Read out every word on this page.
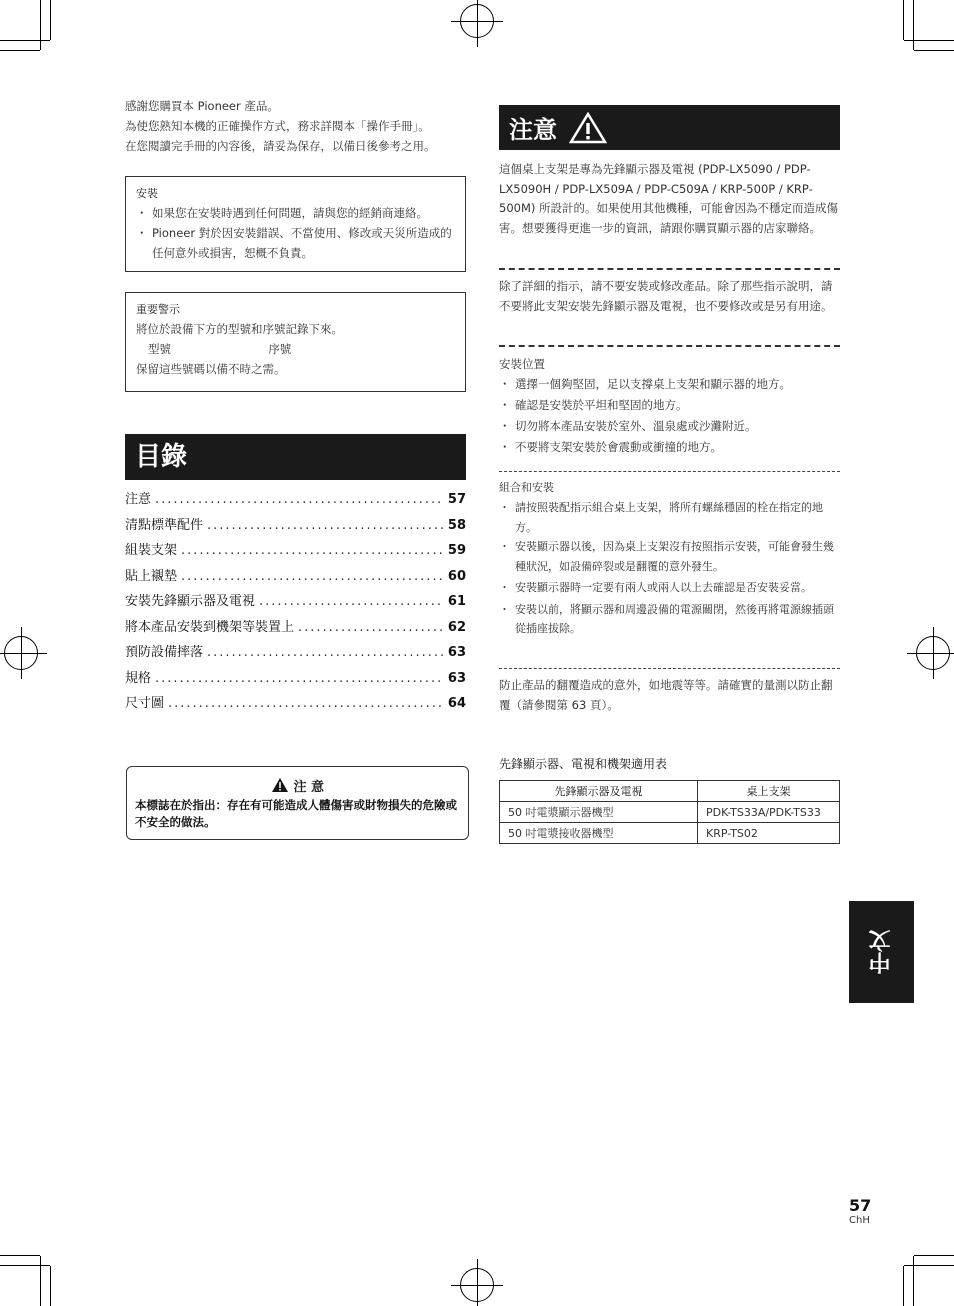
感謝您購買本 Pioneer 產品。
為使您熟知本機的正確操作方式，務求詳閱本「操作手冊」。
在您閱讀完手冊的內容後，請妥為保存，以備日後參考之用。
安裝
・ 如果您在安裝時遇到任何問題，請與您的經銷商連絡。
・ Pioneer 對於因安裝錯誤、不當使用、修改或天災所造成的任何意外或損害，恕概不負責。
重要警示
將位於設備下方的型號和序號記錄下來。
型號	序號
保留這些號碼以備不時之需。
目錄
注意 .....	57
清點標準配件 .....	58
組裝支架 .....	59
貼上襯墊 .....	60
安裝先鋒顯示器及電視 .....	61
將本產品安裝到機架等裝置上 .....	62
預防設備摔落 .....	63
規格 .....	63
尺寸圖 .....	64
注 意
本標誌在於指出：存在有可能造成人體傷害或財物損失的危險或不安全的做法。
注意
這個桌上支架是專為先鋒顯示器及電視 (PDP-LX5090 / PDP-LX5090H / PDP-LX509A / PDP-C509A / KRP-500P / KRP-500M) 所設計的。如果使用其他機種，可能會因為不穩定而造成傷害。想要獲得更進一步的資訊，請跟你購買顯示器的店家聯絡。
除了詳細的指示，請不要安裝或修改產品。除了那些指示說明，請不要將此支架安裝先鋒顯示器及電視，也不要修改或是另有用途。
安裝位置
・ 選擇一個夠堅固，足以支撐桌上支架和顯示器的地方。
・ 確認是安裝於平坦和堅固的地方。
・ 切勿將本產品安裝於室外、溫泉處或沙灘附近。
・ 不要將支架安裝於會震動或衝撞的地方。
組合和安裝
・ 請按照裝配指示組合桌上支架，將所有螺絲穩固的栓在指定的地方。
・ 安裝顯示器以後，因為桌上支架沒有按照指示安裝，可能會發生幾種狀況，如設備碎裂或是翻覆的意外發生。
・ 安裝顯示器時一定要有兩人或兩人以上去確認是否安裝妥當。
・ 安裝以前，將顯示器和周邊設備的電源關閉，然後再將電源線插頭從插座拔除。
防止產品的翻覆造成的意外，如地震等等。請確實的量測以防止翻覆（請參閱第 63 頁）。
先鋒顯示器、電視和機架適用表
先鋒顯示器及電視	桌上支架
50 吋電漿顯示器機型	PDK-TS33A/PDK-TS33
50 吋電漿接收器機型	KRP-TS02
中文
57
ChH
